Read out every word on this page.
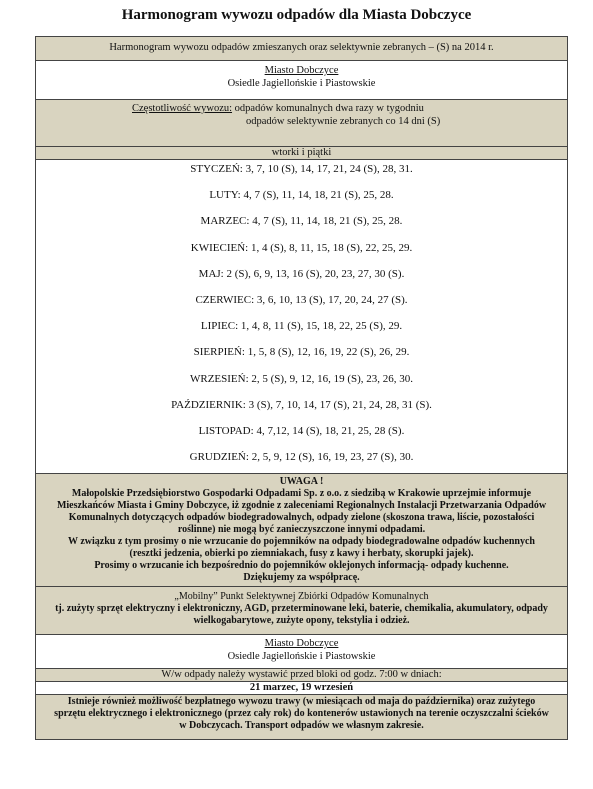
Harmonogram wywozu odpadów dla Miasta Dobczyce
Harmonogram wywozu odpadów zmieszanych oraz selektywnie zebranych – (S) na 2014 r.
Miasto Dobczyce
Osiedle Jagiellońskie i Piastowskie
Częstotliwość wywozu: odpadów komunalnych dwa razy w tygodniu
odpadów selektywnie zebranych co 14 dni (S)
wtorki i piątki
STYCZEŃ: 3, 7, 10 (S), 14, 17, 21, 24 (S), 28, 31.
LUTY: 4, 7 (S), 11, 14, 18, 21 (S), 25, 28.
MARZEC: 4, 7 (S), 11, 14, 18, 21 (S), 25, 28.
KWIECIEŃ: 1, 4 (S), 8, 11, 15, 18 (S), 22, 25, 29.
MAJ: 2 (S), 6, 9, 13, 16 (S), 20, 23, 27, 30 (S).
CZERWIEC: 3, 6, 10, 13 (S), 17, 20, 24, 27 (S).
LIPIEC: 1, 4, 8, 11 (S), 15, 18, 22, 25 (S), 29.
SIERPIEŃ: 1, 5, 8 (S), 12, 16, 19, 22 (S), 26, 29.
WRZESIEŃ: 2, 5 (S), 9, 12, 16, 19 (S), 23, 26, 30.
PAŹDZIERNIK: 3 (S), 7, 10, 14, 17 (S), 21, 24, 28, 31 (S).
LISTOPAD: 4, 7,12, 14 (S), 18, 21, 25, 28 (S).
GRUDZIEŃ: 2, 5, 9, 12 (S), 16, 19, 23, 27 (S), 30.
UWAGA !
Małopolskie Przedsiębiorstwo Gospodarki Odpadami Sp. z o.o. z siedzibą w Krakowie uprzejmie informuje
Mieszkańców Miasta i Gminy Dobczyce, iż zgodnie z zaleceniami Regionalnych Instalacji Przetwarzania Odpadów
Komunalnych dotyczących odpadów biodegradowalnych, odpady zielone (skoszona trawa, liście, pozostałości
roślinne) nie mogą być zanieczyszczone innymi odpadami.
W związku z tym prosimy o nie wrzucanie do pojemników na odpady biodegradowalne odpadów kuchennych
(resztki jedzenia, obierki po ziemniakach, fusy z kawy i herbaty, skorupki jajek).
Prosimy o wrzucanie ich bezpośrednio do pojemników oklejonych informacją- odpady kuchenne.
Dziękujemy za współpracę.
„Mobilny” Punkt Selektywnej Zbiórki Odpadów Komunalnych
tj. zużyty sprzęt elektryczny i elektroniczny, AGD, przeterminowane leki, baterie, chemikalia, akumulatory, odpady
wielkogabarytowe, zużyte opony, tekstylia i odzież.
Miasto Dobczyce
Osiedle Jagiellońskie i Piastowskie
W/w odpady należy wystawić przed bloki od godz. 7:00 w dniach:
21 marzec, 19 wrzesień
Istnieje również możliwość bezpłatnego wywozu trawy (w miesiącach od maja do października) oraz zużytego
sprzętu elektrycznego i elektronicznego (przez cały rok) do kontenerów ustawionych na terenie oczyszczalni ścieków
w Dobczycach. Transport odpadów we własnym zakresie.
